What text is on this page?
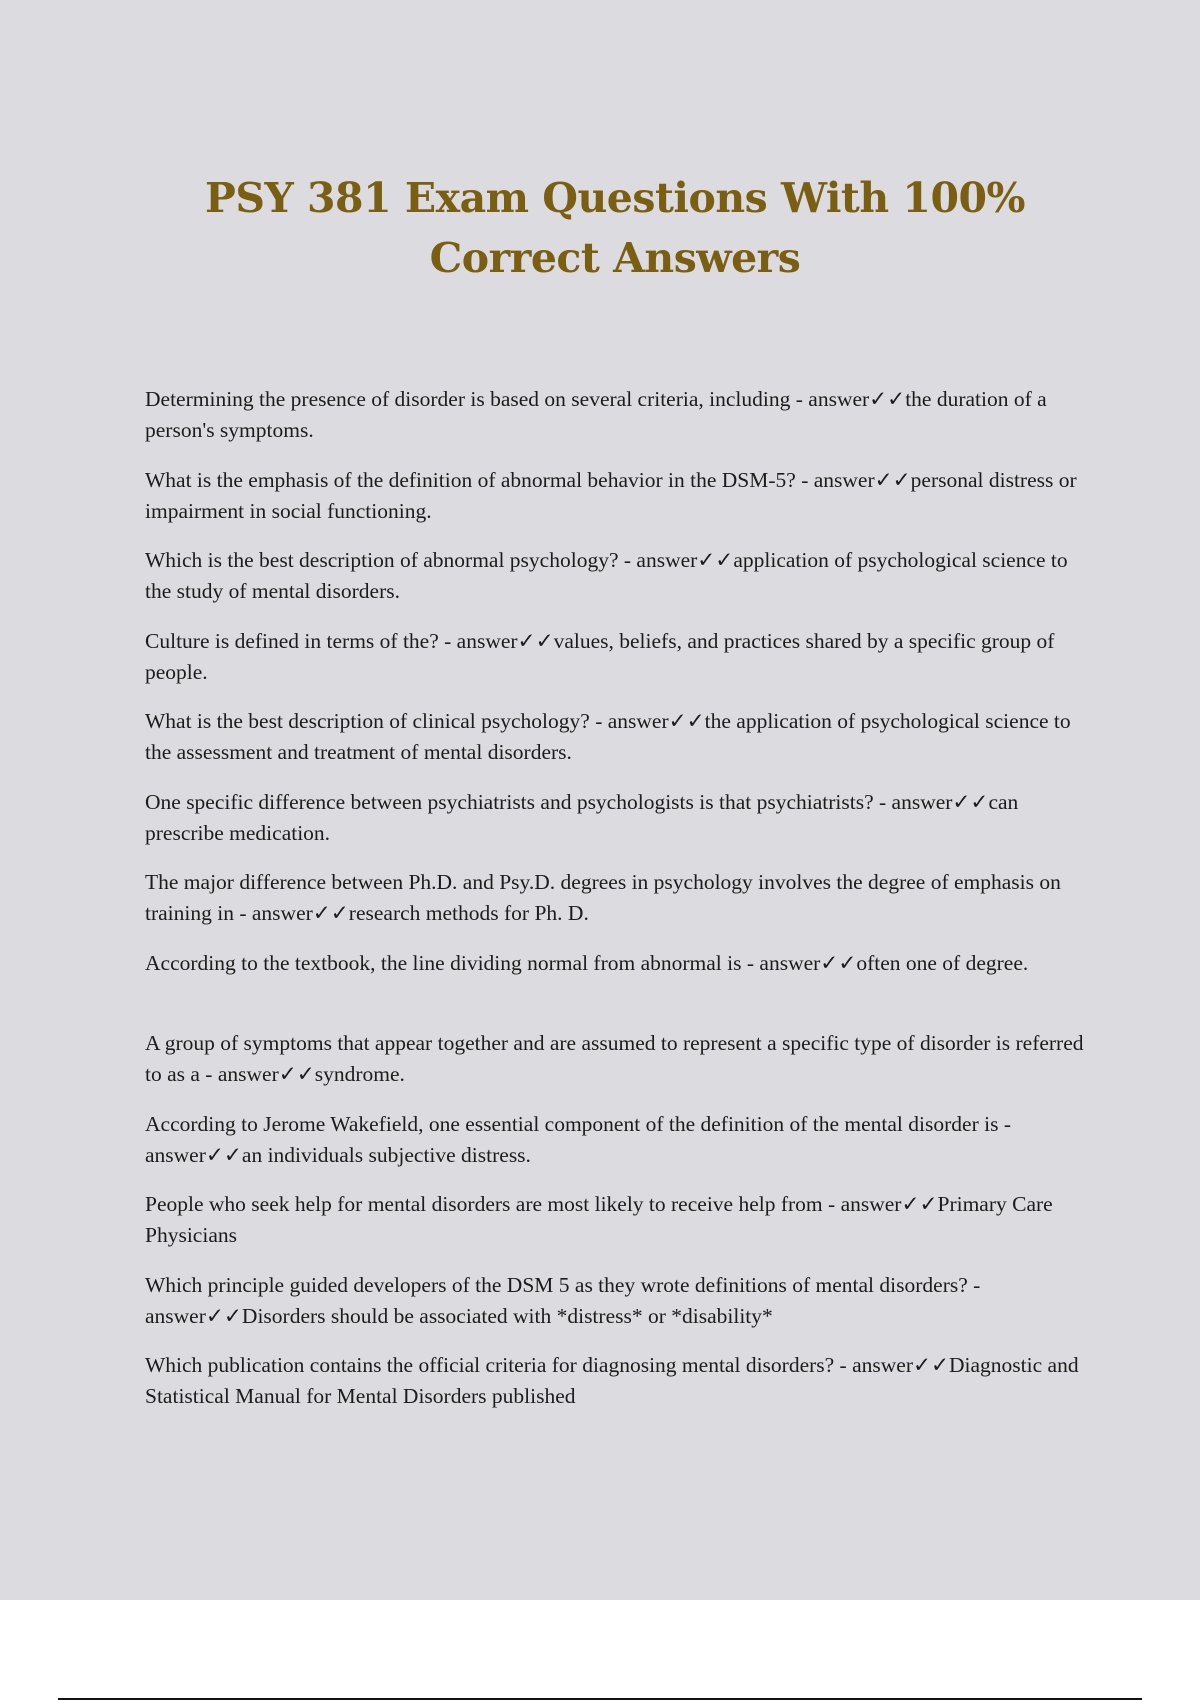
PSY 381 Exam Questions With 100%
Correct Answers
Determining the presence of disorder is based on several criteria, including - answer✓✓the duration of a person's symptoms.
What is the emphasis of the definition of abnormal behavior in the DSM-5? - answer✓✓personal distress or impairment in social functioning.
Which is the best description of abnormal psychology? - answer✓✓application of psychological science to the study of mental disorders.
Culture is defined in terms of the? - answer✓✓values, beliefs, and practices shared by a specific group of people.
What is the best description of clinical psychology? - answer✓✓the application of psychological science to the assessment and treatment of mental disorders.
One specific difference between psychiatrists and psychologists is that psychiatrists? - answer✓✓can prescribe medication.
The major difference between Ph.D. and Psy.D. degrees in psychology involves the degree of emphasis on training in - answer✓✓research methods for Ph. D.
According to the textbook, the line dividing normal from abnormal is - answer✓✓often one of degree.
A group of symptoms that appear together and are assumed to represent a specific type of disorder is referred to as a - answer✓✓syndrome.
According to Jerome Wakefield, one essential component of the definition of the mental disorder is - answer✓✓an individuals subjective distress.
People who seek help for mental disorders are most likely to receive help from - answer✓✓Primary Care Physicians
Which principle guided developers of the DSM 5 as they wrote definitions of mental disorders? - answer✓✓Disorders should be associated with *distress* or *disability*
Which publication contains the official criteria for diagnosing mental disorders? - answer✓✓Diagnostic and Statistical Manual for Mental Disorders published
